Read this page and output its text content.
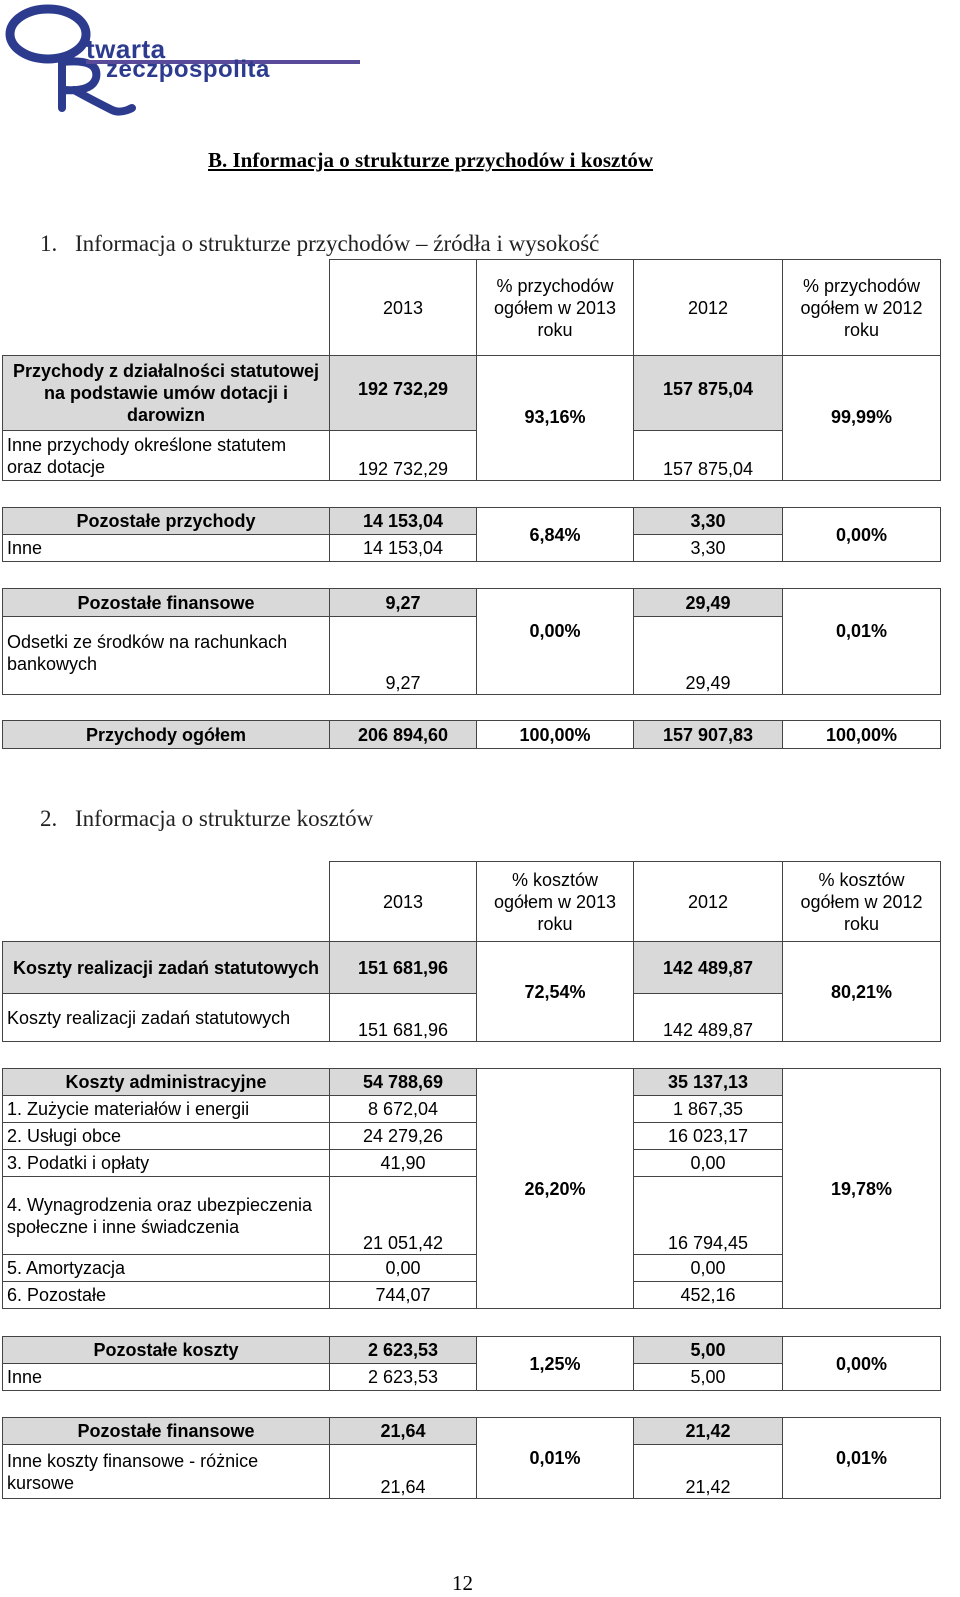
twarta
zeczpospolita
B. Informacja o strukturze przychodów i kosztów
1. Informacja o strukturze przychodów – źródła i wysokość
	2013	% przychodów ogółem w 2013 roku	2012	% przychodów ogółem w 2012 roku
Przychody z działalności statutowej na podstawie umów dotacji i darowizn	192 732,29	93,16%	157 875,04	99,99%
Inne przychody określone statutem oraz dotacje	192 732,29		157 875,04	
Pozostałe przychody	14 153,04	6,84%	3,30	0,00%
Inne	14 153,04		3,30	
Pozostałe finansowe	9,27	0,00%	29,49	0,01%
Odsetki ze środków na rachunkach bankowych	9,27		29,49	
Przychody ogółem	206 894,60	100,00%	157 907,83	100,00%
2. Informacja o strukturze kosztów
	2013	% kosztów ogółem w 2013 roku	2012	% kosztów ogółem w 2012 roku
Koszty realizacji zadań statutowych	151 681,96	72,54%	142 489,87	80,21%
Koszty realizacji zadań statutowych	151 681,96		142 489,87	
Koszty administracyjne	54 788,69	26,20%	35 137,13	19,78%
1. Zużycie materiałów i energii	8 672,04		1 867,35	
2. Usługi obce	24 279,26		16 023,17	
3. Podatki i opłaty	41,90		0,00	
4. Wynagrodzenia oraz ubezpieczenia społeczne i inne świadczenia	21 051,42		16 794,45	
5. Amortyzacja	0,00		0,00	
6. Pozostałe	744,07		452,16	
Pozostałe koszty	2 623,53	1,25%	5,00	0,00%
Inne	2 623,53		5,00	
Pozostałe finansowe	21,64	0,01%	21,42	0,01%
Inne koszty finansowe - różnice kursowe	21,64		21,42	
12
